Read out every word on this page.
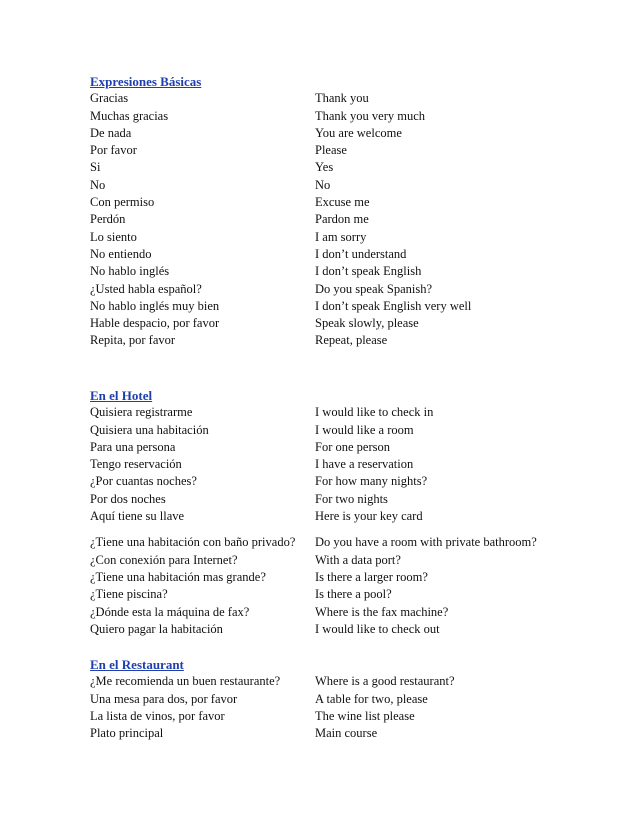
Expresiones Básicas
Gracias	Thank you
Muchas gracias	Thank you very much
De nada	You are welcome
Por favor	Please
Si	Yes
No	No
Con permiso	Excuse me
Perdón	Pardon me
Lo siento	I am sorry
No entiendo	I don’t understand
No hablo inglés	I don’t speak English
¿Usted habla español?	Do you speak Spanish?
No hablo inglés muy bien	I don’t speak English very well
Hable despacio, por favor	Speak slowly, please
Repita, por favor	Repeat, please
En el Hotel
Quisiera registrarme	I would like to check in
Quisiera una habitación	I would like a room
Para una persona	For one person
Tengo reservación	I have a reservation
¿Por cuantas noches?	For how many nights?
Por dos noches	For two nights
Aquí tiene su llave	Here is your key card
¿Tiene una habitación con baño privado?	Do you have a room with private bathroom?
¿Con conexión para Internet?	With a data port?
¿Tiene una habitación mas grande?	Is there a larger room?
¿Tiene piscina?	Is there a pool?
¿Dónde esta la máquina de fax?	Where is the fax machine?
Quiero pagar la habitación	I would like to check out
En el Restaurant
¿Me recomienda un buen restaurante?	Where is a good restaurant?
Una mesa para dos, por favor	A table for two, please
La lista de vinos, por favor	The wine list please
Plato principal	Main course
